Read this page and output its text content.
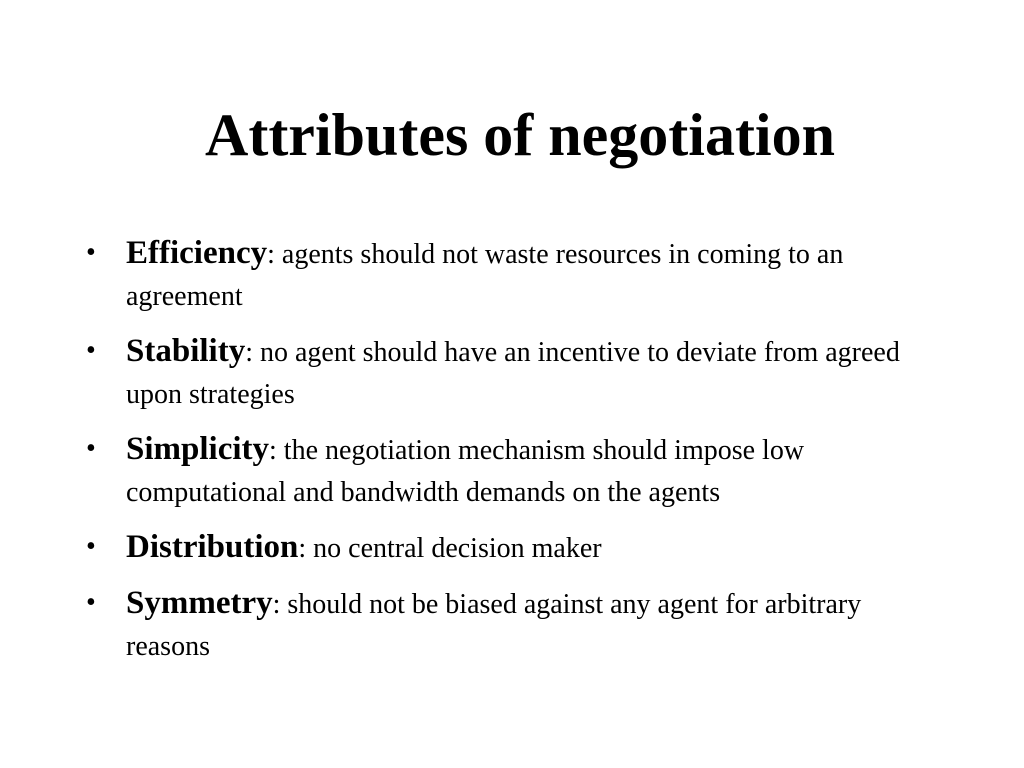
Attributes of negotiation
• Efficiency: agents should not waste resources in coming to an agreement
• Stability: no agent should have an incentive to deviate from agreed upon strategies
• Simplicity: the negotiation mechanism should impose low computational and bandwidth demands on the agents
• Distribution: no central decision maker
• Symmetry: should not be biased against any agent for arbitrary reasons
